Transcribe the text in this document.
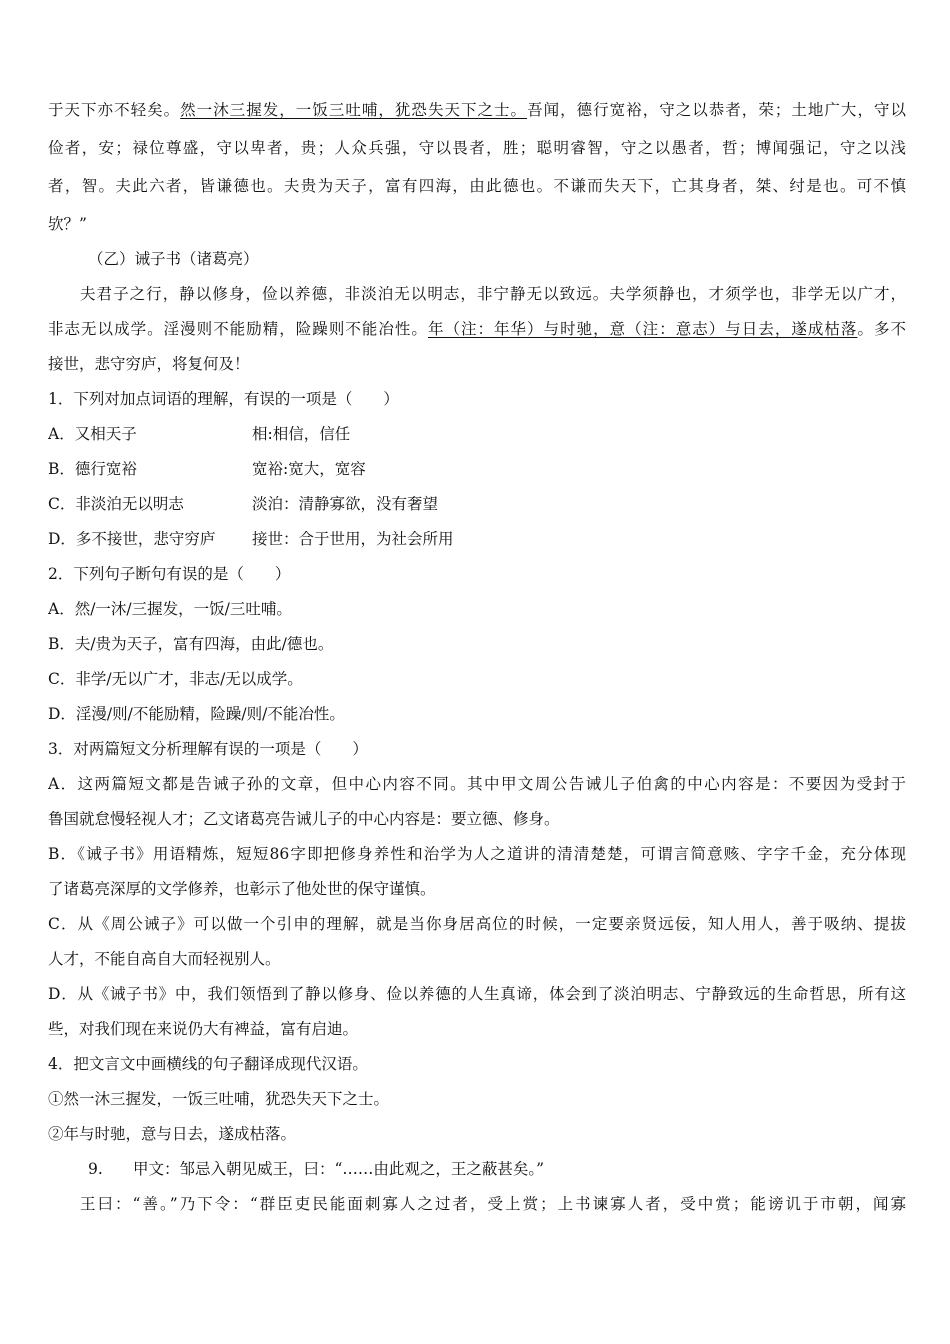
于天下亦不轻矣。然一沐三握发，一饭三吐哺，犹恐失天下之士。吾闻，德行宽裕，守之以恭者，荣；土地广大，守以
俭者，安；禄位尊盛，守以卑者，贵；人众兵强，守以畏者，胜；聪明睿智，守之以愚者，哲；博闻强记，守之以浅
者，智。夫此六者，皆谦德也。夫贵为天子，富有四海，由此德也。不谦而失天下，亡其身者，桀、纣是也。可不慎
欤？”
（乙）诫子书（诸葛亮）
夫君子之行，静以修身，俭以养德，非淡泊无以明志，非宁静无以致远。夫学须静也，才须学也，非学无以广才，
非志无以成学。淫漫则不能励精，险躁则不能冶性。年（注：年华）与时驰，意（注：意志）与日去，遂成枯落。多不
接世，悲守穷庐，将复何及！
1．下列对加点词语的理解，有误的一项是（　　）
A．又相天子	相:相信，信任
B．德行宽裕	宽裕:宽大，宽容
C．非淡泊无以明志	淡泊：清静寡欲，没有奢望
D．多不接世，悲守穷庐 接世：合于世用，为社会所用
2．下列句子断句有误的是（　　）
A．然/一沐/三握发，一饭/三吐哺。
B．夫/贵为天子，富有四海，由此/德也。
C．非学/无以广才，非志/无以成学。
D．淫漫/则/不能励精，险躁/则/不能冶性。
3．对两篇短文分析理解有误的一项是（　　）
A．这两篇短文都是告诫子孙的文章，但中心内容不同。其中甲文周公告诫儿子伯禽的中心内容是：不要因为受封于
鲁国就怠慢轻视人才；乙文诸葛亮告诫儿子的中心内容是：要立德、修身。
B．《诫子书》用语精炼，短短86字即把修身养性和治学为人之道讲的清清楚楚，可谓言简意赅、字字千金，充分体现
了诸葛亮深厚的文学修养，也彰示了他处世的保守谨慎。
C．从《周公诫子》可以做一个引申的理解，就是当你身居高位的时候，一定要亲贤远佞，知人用人，善于吸纳、提拔
人才，不能自高自大而轻视别人。
D．从《诫子书》中，我们领悟到了静以修身、俭以养德的人生真谛，体会到了淡泊明志、宁静致远的生命哲思，所有这
些，对我们现在来说仍大有裨益，富有启迪。
4．把文言文中画横线的句子翻译成现代汉语。
①然一沐三握发，一饭三吐哺，犹恐失天下之士。
②年与时驰，意与日去，遂成枯落。
9. 甲文：邹忌入朝见威王，曰：“……由此观之，王之蔽甚矣。”
王曰：“善。”乃下令：“群臣吏民能面刺寡人之过者，受上赏；上书谏寡人者，受中赏；能谤讥于市朝，闻寡
